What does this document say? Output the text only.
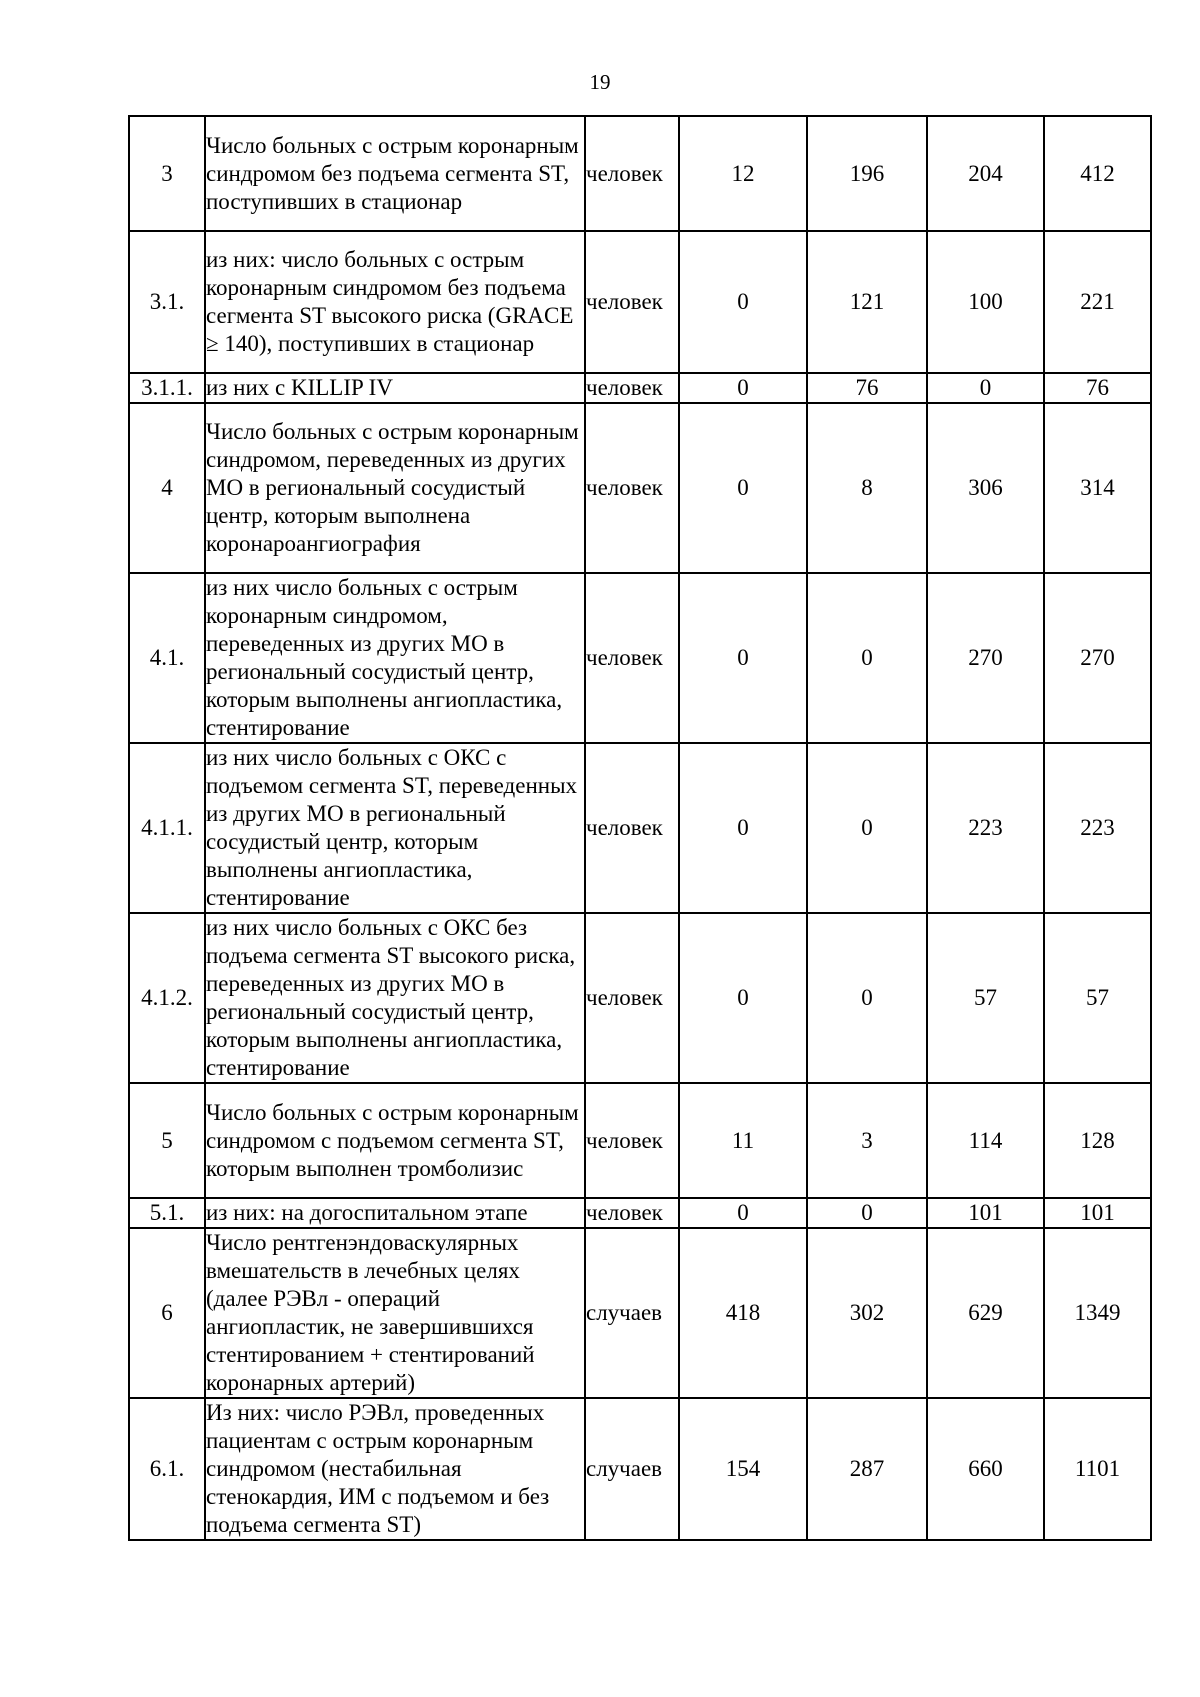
19
3	Число больных с острым коронарным синдромом без подъема сегмента ST, поступивших в стационар	человек	12	196	204	412
3.1.	из них: число больных с острым коронарным синдромом без подъема сегмента ST высокого риска (GRACE ≥ 140), поступивших в стационар	человек	0	121	100	221
3.1.1.	из них с KILLIP IV	человек	0	76	0	76
4	Число больных с острым коронарным синдромом, переведенных из других МО в региональный сосудистый центр, которым выполнена коронароангиография	человек	0	8	306	314
4.1.	из них число больных с острым коронарным синдромом, переведенных из других МО в региональный сосудистый центр, которым выполнены ангиопластика, стентирование	человек	0	0	270	270
4.1.1.	из них число больных с ОКС с подъемом сегмента ST, переведенных из других МО в региональный сосудистый центр, которым выполнены ангиопластика, стентирование	человек	0	0	223	223
4.1.2.	из них число больных с ОКС без подъема сегмента ST высокого риска, переведенных из других МО в региональный сосудистый центр, которым выполнены ангиопластика, стентирование	человек	0	0	57	57
5	Число больных с острым коронарным синдромом с подъемом сегмента ST, которым выполнен тромболизис	человек	11	3	114	128
5.1.	из них: на догоспитальном этапе	человек	0	0	101	101
6	Число рентгенэндоваскулярных вмешательств в лечебных целях (далее РЭВл - операций ангиопластик, не завершившихся стентированием + стентирований коронарных артерий)	случаев	418	302	629	1349
6.1.	Из них: число РЭВл, проведенных пациентам с острым коронарным синдромом (нестабильная стенокардия, ИМ с подъемом и без подъема сегмента ST)	случаев	154	287	660	1101
